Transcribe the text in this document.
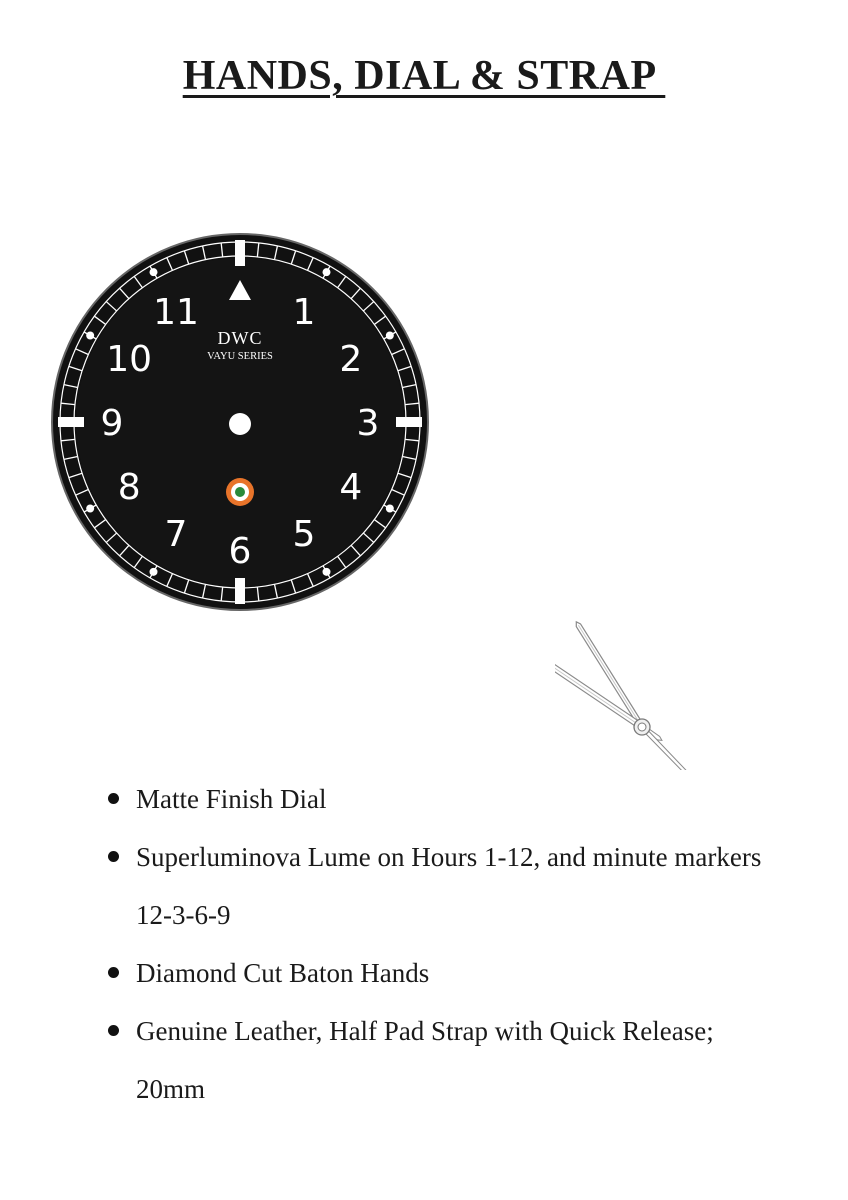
HANDS, DIAL & STRAP
1
2
3
4
5
6
7
8
9
10
11
DWC
VAYU SERIES
Matte Finish Dial
Superluminova Lume on Hours 1-12, and minute markers 12-3-6-9
Diamond Cut Baton Hands
Genuine Leather, Half Pad Strap with Quick Release; 20mm
